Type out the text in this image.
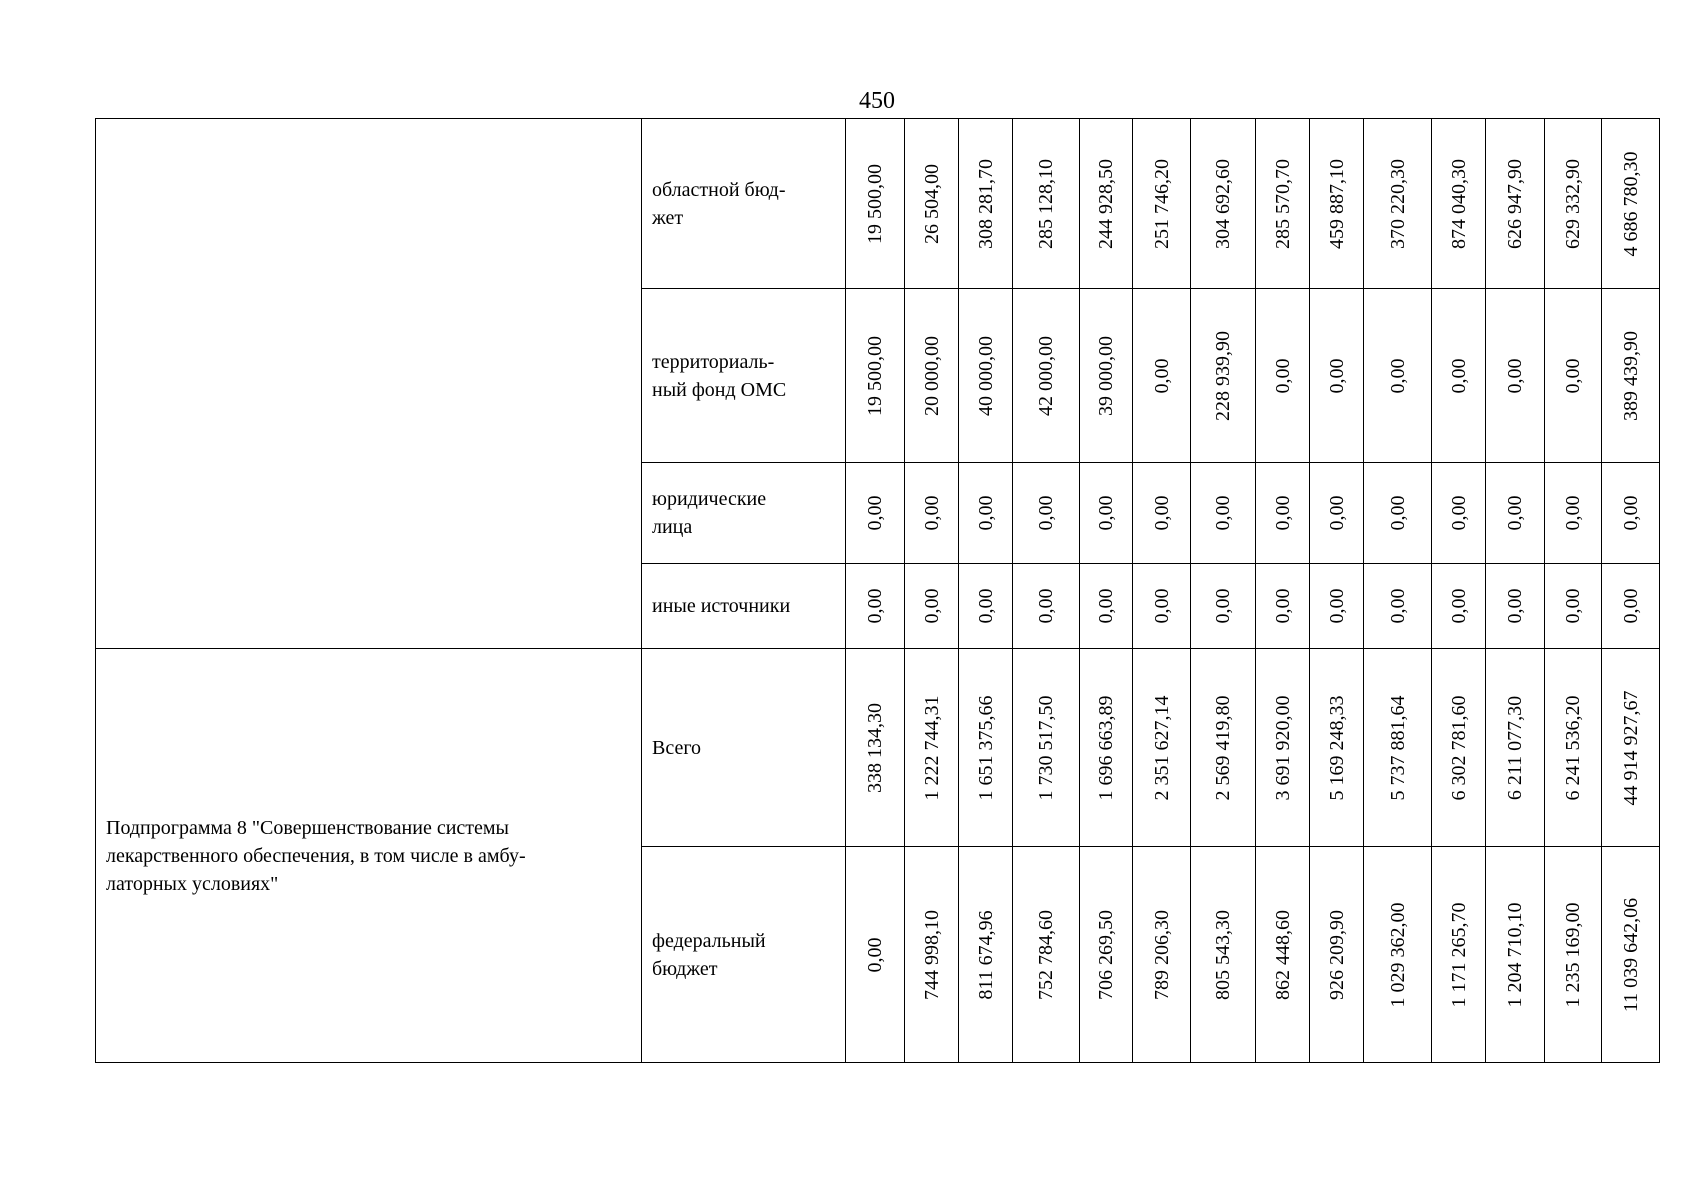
450
	областной бюд-
жет	19 500,00	26 504,00	308 281,70	285 128,10	244 928,50	251 746,20	304 692,60	285 570,70	459 887,10	370 220,30	874 040,30	626 947,90	629 332,90	4 686 780,30

	территориаль-
ный фонд ОМС	19 500,00	20 000,00	40 000,00	42 000,00	39 000,00	0,00	228 939,90	0,00	0,00	0,00	0,00	0,00	0,00	389 439,90

	юридические
лица	0,00	0,00	0,00	0,00	0,00	0,00	0,00	0,00	0,00	0,00	0,00	0,00	0,00	0,00

	иные источники	0,00	0,00	0,00	0,00	0,00	0,00	0,00	0,00	0,00	0,00	0,00	0,00	0,00	0,00

Подпрограмма 8 "Совершенствование системы
лекарственного обеспечения, в том числе в амбу-
латорных условиях"	Всего	338 134,30	1 222 744,31	1 651 375,66	1 730 517,50	1 696 663,89	2 351 627,14	2 569 419,80	3 691 920,00	5 169 248,33	5 737 881,64	6 302 781,60	6 211 077,30	6 241 536,20	44 914 927,67

	федеральный
бюджет	0,00	744 998,10	811 674,96	752 784,60	706 269,50	789 206,30	805 543,30	862 448,60	926 209,90	1 029 362,00	1 171 265,70	1 204 710,10	1 235 169,00	11 039 642,06
